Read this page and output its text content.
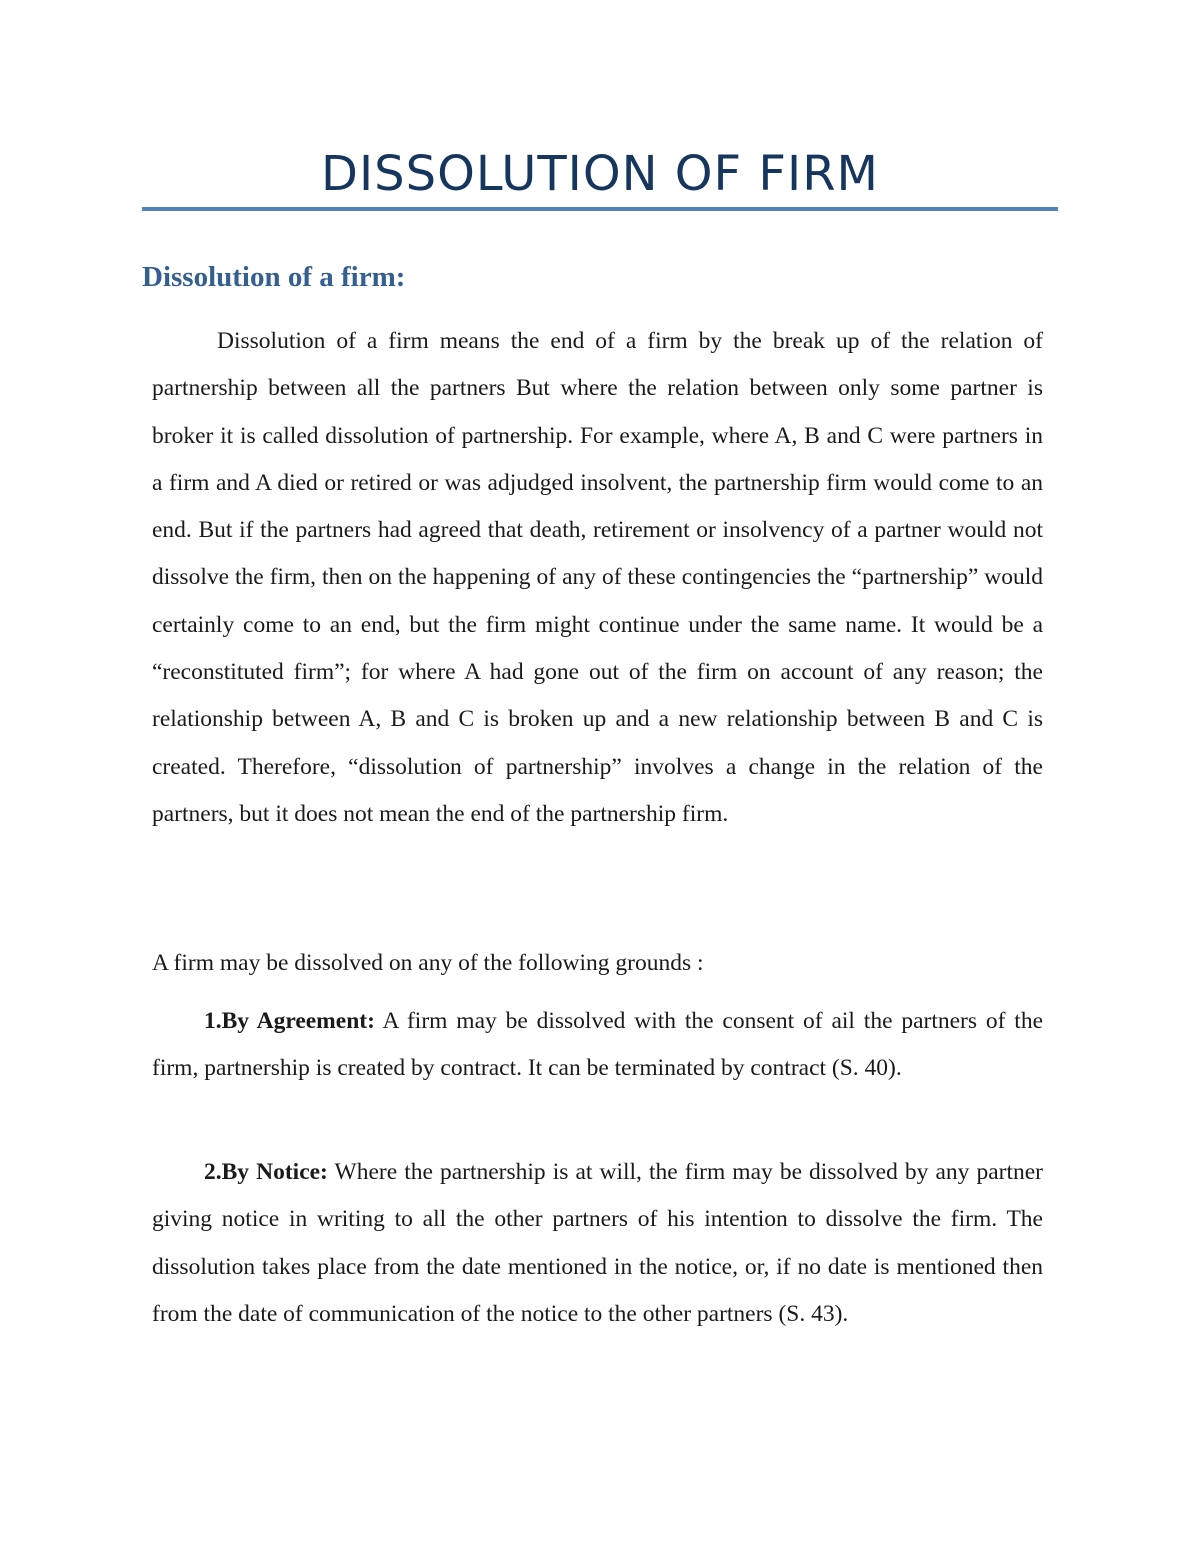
DISSOLUTION OF FIRM
Dissolution of a firm:

Dissolution of a firm means the end of a firm by the break up of the relation of partnership between all the partners But where the relation between only some partner is broker it is called dissolution of partnership. For example, where A, B and C were partners in a firm and A died or retired or was adjudged insolvent, the partnership firm would come to an end. But if the partners had agreed that death, retirement or insolvency of a partner would not dissolve the firm, then on the happening of any of these contingencies the “partnership” would certainly come to an end, but the firm might continue under the same name. It would be a “reconstituted firm”; for where A had gone out of the firm on account of any reason; the relationship between A, B and C is broken up and a new relationship between B and C is created. Therefore, “dissolution of partnership” involves a change in the relation of the partners, but it does not mean the end of the partnership firm.

A firm may be dissolved on any of the following grounds :

1.By Agreement: A firm may be dissolved with the consent of ail the partners of the firm, partnership is created by contract. It can be terminated by contract (S. 40).

2.By Notice: Where the partnership is at will, the firm may be dissolved by any partner giving notice in writing to all the other partners of his intention to dissolve the firm. The dissolution takes place from the date mentioned in the notice, or, if no date is mentioned then from the date of communication of the notice to the other partners (S. 43).
